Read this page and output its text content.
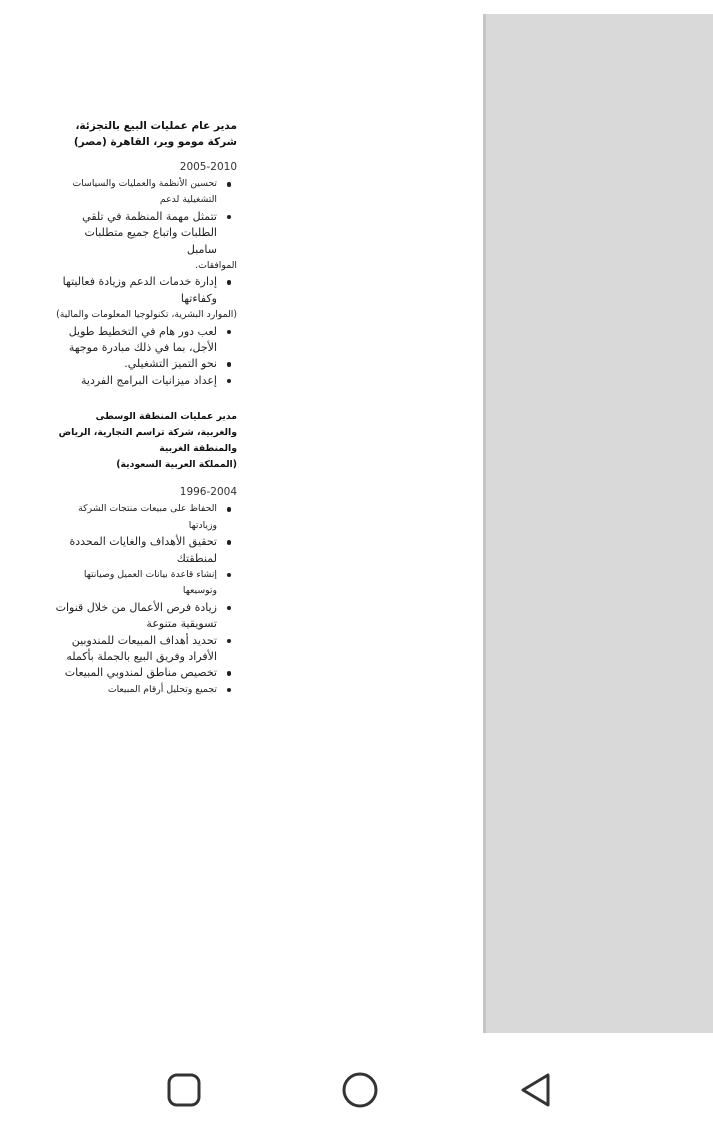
مدير عام عمليات البيع بالتجزئة، شركة مومو وير، القاهرة (مصر)

2005-2010
تحسين الأنظمة والعمليات والسياسات التشغيلية لدعم
تتمثل مهمة المنظمة في تلقي الطلبات واتباع جميع متطلبات سامبل
الموافقات.
إدارة خدمات الدعم وزيادة فعاليتها وكفاءتها
(الموارد البشرية، تكنولوجيا المعلومات والمالية)
لعب دور هام في التخطيط طويل الأجل، بما في ذلك مبادرة موجهة
نحو التميز التشغيلي.
إعداد ميزانيات البرامج الفردية

مدير عمليات المنطقة الوسطى والغربية، شركة تراسم التجارية، الرياض والمنطقة الغربية
(المملكة العربية السعودية)

1996-2004
الحفاظ على مبيعات منتجات الشركة وزيادتها
تحقيق الأهداف والغايات المحددة لمنطقتك
إنشاء قاعدة بيانات العميل وصيانتها وتوسيعها
زيادة فرص الأعمال من خلال قنوات تسويقية متنوعة
تحديد أهداف المبيعات للمندوبين الأفراد وفريق البيع بالجملة بأكمله
تخصيص مناطق لمندوبي المبيعات
تجميع وتحليل أرقام المبيعات
